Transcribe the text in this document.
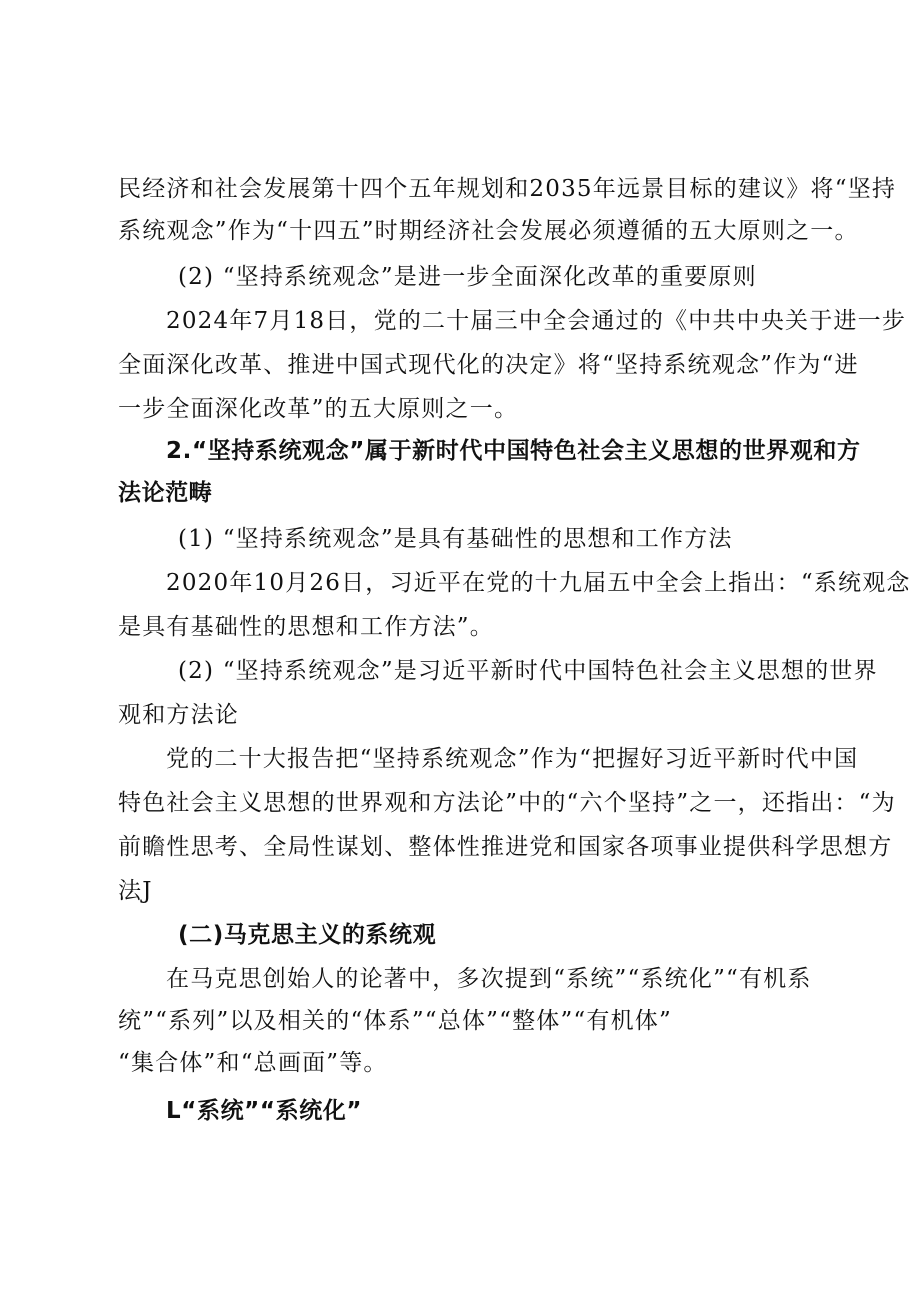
民经济和社会发展第十四个五年规划和2035年远景目标的建议》将“坚持
系统观念”作为“十四五”时期经济社会发展必须遵循的五大原则之一。
(2) “坚持系统观念”是进一步全面深化改革的重要原则
2024年7月18日，党的二十届三中全会通过的《中共中央关于进一步
全面深化改革、推进中国式现代化的决定》将“坚持系统观念”作为“进
一步全面深化改革”的五大原则之一。
2.“坚持系统观念”属于新时代中国特色社会主义思想的世界观和方
法论范畴
(1) “坚持系统观念”是具有基础性的思想和工作方法
2020年10月26日，习近平在党的十九届五中全会上指出：“系统观念
是具有基础性的思想和工作方法”。
(2) “坚持系统观念”是习近平新时代中国特色社会主义思想的世界
观和方法论
党的二十大报告把“坚持系统观念”作为“把握好习近平新时代中国
特色社会主义思想的世界观和方法论”中的“六个坚持”之一，还指出：“为
前瞻性思考、全局性谋划、整体性推进党和国家各项事业提供科学思想方
法J
(二)马克思主义的系统观
在马克思创始人的论著中，多次提到“系统”“系统化”“有机系
统”“系列”以及相关的“体系”“总体”“整体”“有机体”
“集合体”和“总画面”等。
L“系统”“系统化”
